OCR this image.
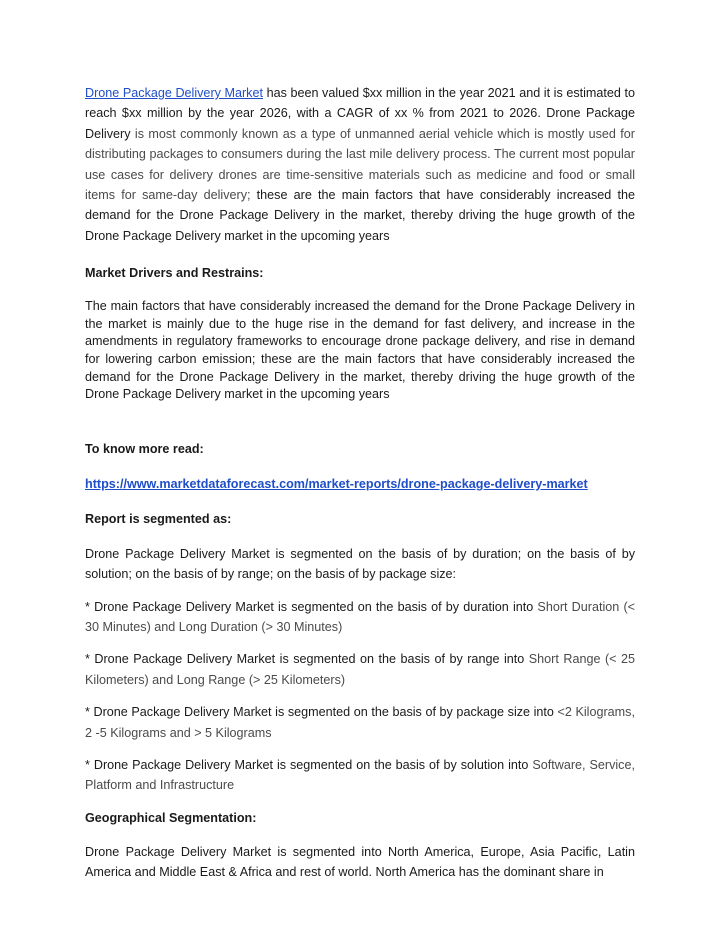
Drone Package Delivery Market has been valued $xx million in the year 2021 and it is estimated to reach $xx million by the year 2026, with a CAGR of xx % from 2021 to 2026. Drone Package Delivery is most commonly known as a type of unmanned aerial vehicle which is mostly used for distributing packages to consumers during the last mile delivery process. The current most popular use cases for delivery drones are time-sensitive materials such as medicine and food or small items for same-day delivery; these are the main factors that have considerably increased the demand for the Drone Package Delivery in the market, thereby driving the huge growth of the Drone Package Delivery market in the upcoming years

Market Drivers and Restrains:

The main factors that have considerably increased the demand for the Drone Package Delivery in the market is mainly due to the huge rise in the demand for fast delivery, and increase in the amendments in regulatory frameworks to encourage drone package delivery, and rise in demand for lowering carbon emission; these are the main factors that have considerably increased the demand for the Drone Package Delivery in the market, thereby driving the huge growth of the Drone Package Delivery market in the upcoming years

To know more read:

https://www.marketdataforecast.com/market-reports/drone-package-delivery-market

Report is segmented as:

Drone Package Delivery Market is segmented on the basis of by duration; on the basis of by solution; on the basis of by range; on the basis of by package size:

* Drone Package Delivery Market is segmented on the basis of by duration into Short Duration (< 30 Minutes) and Long Duration (> 30 Minutes)

* Drone Package Delivery Market is segmented on the basis of by range into Short Range (< 25 Kilometers) and Long Range (> 25 Kilometers)

* Drone Package Delivery Market is segmented on the basis of by package size into <2 Kilograms, 2 -5 Kilograms and > 5 Kilograms

* Drone Package Delivery Market is segmented on the basis of by solution into Software, Service, Platform and Infrastructure

Geographical Segmentation:

Drone Package Delivery Market is segmented into North America, Europe, Asia Pacific, Latin America and Middle East & Africa and rest of world. North America has the dominant share in
